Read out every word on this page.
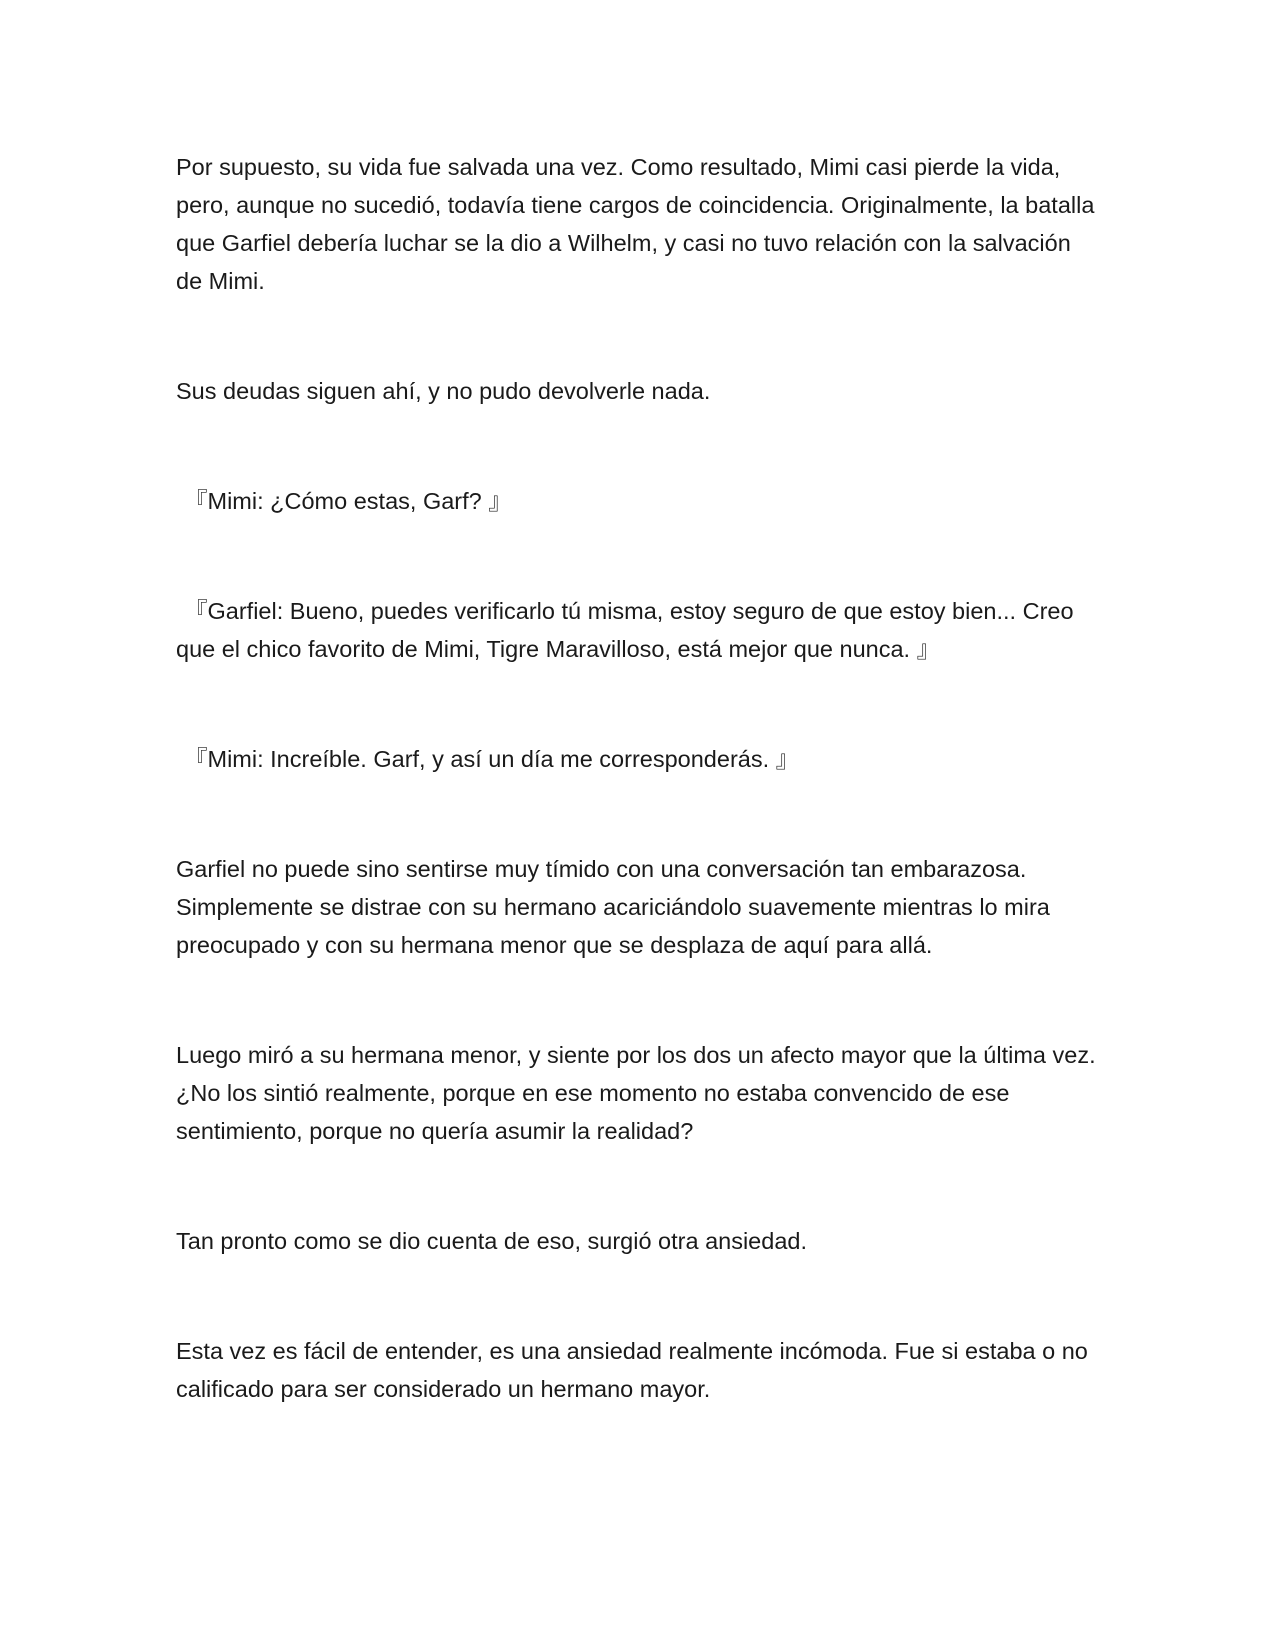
Por supuesto, su vida fue salvada una vez. Como resultado, Mimi casi pierde la vida, pero, aunque no sucedió, todavía tiene cargos de coincidencia. Originalmente, la batalla que Garfiel debería luchar se la dio a Wilhelm, y casi no tuvo relación con la salvación de Mimi.

Sus deudas siguen ahí, y no pudo devolverle nada.

『Mimi: ¿Cómo estas, Garf? 』

『Garfiel: Bueno, puedes verificarlo tú misma, estoy seguro de que estoy bien... Creo que el chico favorito de Mimi, Tigre Maravilloso, está mejor que nunca. 』

『Mimi: Increíble. Garf, y así un día me corresponderás. 』

Garfiel no puede sino sentirse muy tímido con una conversación tan embarazosa. Simplemente se distrae con su hermano acariciándolo suavemente mientras lo mira preocupado y con su hermana menor que se desplaza de aquí para allá.

Luego miró a su hermana menor, y siente por los dos un afecto mayor que la última vez. ¿No los sintió realmente, porque en ese momento no estaba convencido de ese sentimiento, porque no quería asumir la realidad?

Tan pronto como se dio cuenta de eso, surgió otra ansiedad.

Esta vez es fácil de entender, es una ansiedad realmente incómoda. Fue si estaba o no calificado para ser considerado un hermano mayor.
